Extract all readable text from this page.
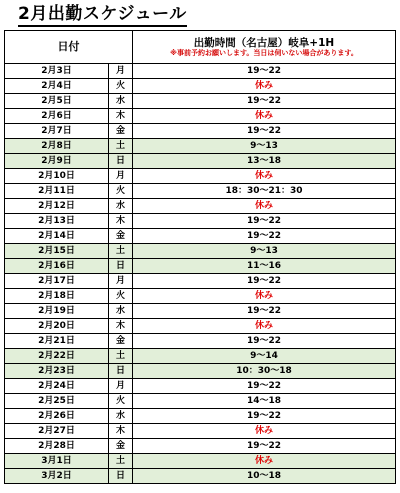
2月出勤スケジュール
日付		出勤時間（名古屋）岐阜+1H
※事前予約お願いします。当日は伺いない場合があります。

2月3日	月	19〜22
2月4日	火	休み
2月5日	水	19〜22
2月6日	木	休み
2月7日	金	19〜22
2月8日	土	9〜13
2月9日	日	13〜18
2月10日	月	休み
2月11日	火	18：30〜21：30
2月12日	水	休み
2月13日	木	19〜22
2月14日	金	19〜22
2月15日	土	9〜13
2月16日	日	11〜16
2月17日	月	19〜22
2月18日	火	休み
2月19日	水	19〜22
2月20日	木	休み
2月21日	金	19〜22
2月22日	土	9〜14
2月23日	日	10：30〜18
2月24日	月	19〜22
2月25日	火	14〜18
2月26日	水	19〜22
2月27日	木	休み
2月28日	金	19〜22
3月1日	土	休み
3月2日	日	10〜18
